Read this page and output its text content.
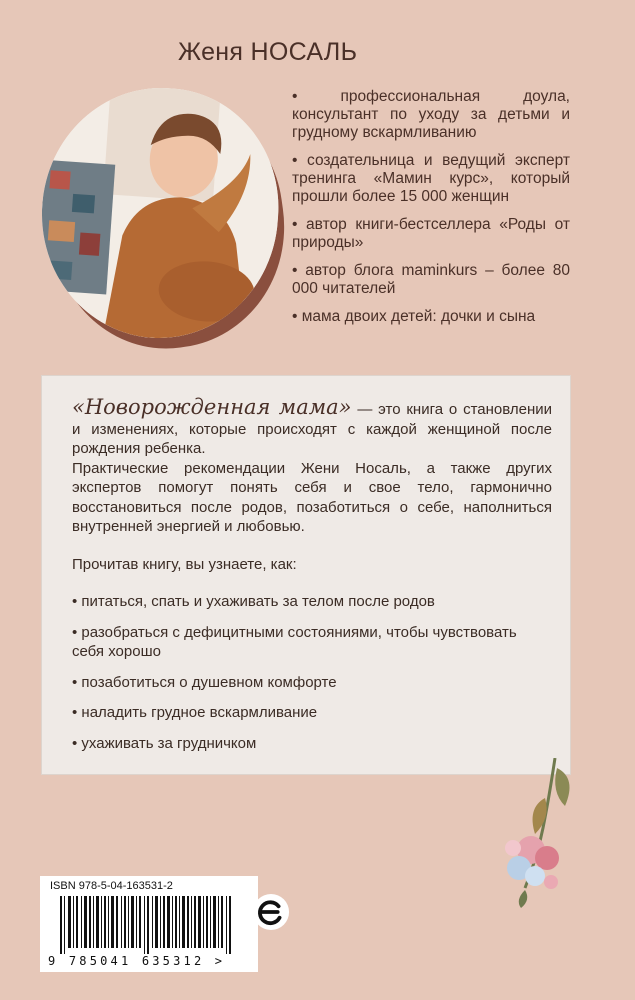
Женя НОСАЛЬ
• профессиональная доула, консультант по уходу за детьми и грудному вскармливанию
• создательница и ведущий эксперт тренинга «Мамин курс», который прошли более 15 000 женщин
• автор книги-бестселлера «Роды от природы»
• автор блога maminkurs – более 80 000 читателей
• мама двоих детей: дочки и сына
«Новорожденная мама» — это книга о становлении и изменениях, которые происходят с каждой женщиной после рождения ребенка.
Практические рекомендации Жени Носаль, а также других экспертов помогут понять себя и свое тело, гармонично восстановиться после родов, позаботиться о себе, наполниться внутренней энергией и любовью.
Прочитав книгу, вы узнаете, как:
• питаться, спать и ухаживать за телом после родов
• разобраться с дефицитными состояниями, чтобы чувствовать себя хорошо
• позаботиться о душевном комфорте
• наладить грудное вскармливание
• ухаживать за грудничком
ISBN 978-5-04-163531-2
9 785041 635312 >
